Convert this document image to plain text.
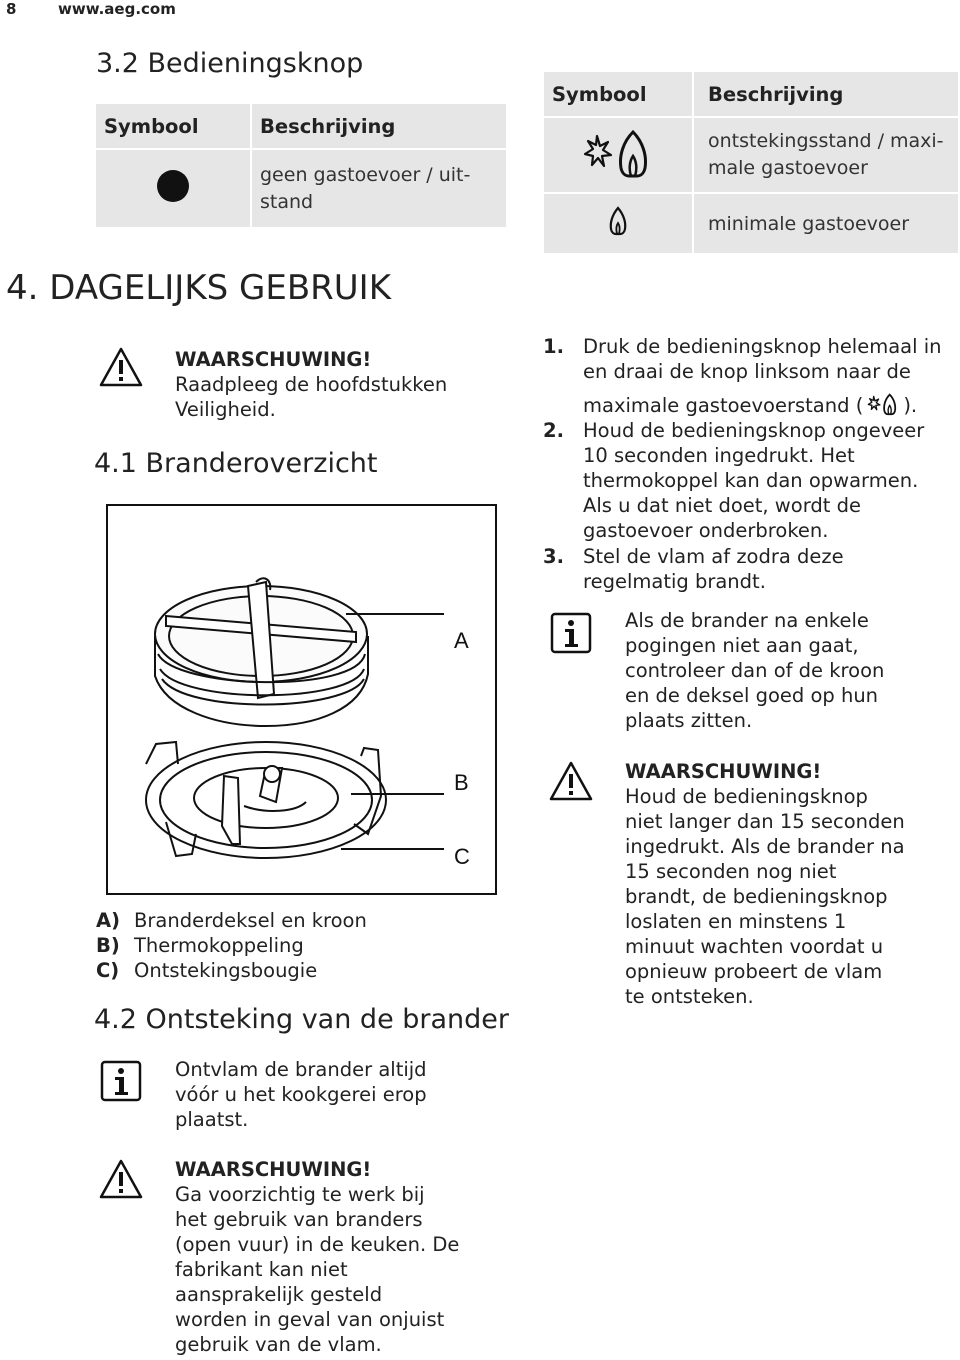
8	www.aeg.com
3.2 Bedieningsknop
Symbool	Beschrijving
	geen gastoevoer / uit-
stand
Symbool	Beschrijving
	ontstekingsstand / maxi-
male gastoevoer
	minimale gastoevoer
4. DAGELIJKS GEBRUIK
WAARSCHUWING!
Raadpleeg de hoofdstukken
Veiligheid.
4.1 Branderoverzicht
A
B
C
A) Branderdeksel en kroon
B) Thermokoppeling
C) Ontstekingsbougie
4.2 Ontsteking van de brander
Ontvlam de brander altijd
vóór u het kookgerei erop
plaatst.
WAARSCHUWING!
Ga voorzichtig te werk bij
het gebruik van branders
(open vuur) in de keuken. De
fabrikant kan niet
aansprakelijk gesteld
worden in geval van onjuist
gebruik van de vlam.
1. Druk de bedieningsknop helemaal in
en draai de knop linksom naar de
maximale gastoevoerstand ( ).
2. Houd de bedieningsknop ongeveer
10 seconden ingedrukt. Het
thermokoppel kan dan opwarmen.
Als u dat niet doet, wordt de
gastoevoer onderbroken.
3. Stel de vlam af zodra deze
regelmatig brandt.
Als de brander na enkele
pogingen niet aan gaat,
controleer dan of de kroon
en de deksel goed op hun
plaats zitten.
WAARSCHUWING!
Houd de bedieningsknop
niet langer dan 15 seconden
ingedrukt. Als de brander na
15 seconden nog niet
brandt, de bedieningsknop
loslaten en minstens 1
minuut wachten voordat u
opnieuw probeert de vlam
te ontsteken.
